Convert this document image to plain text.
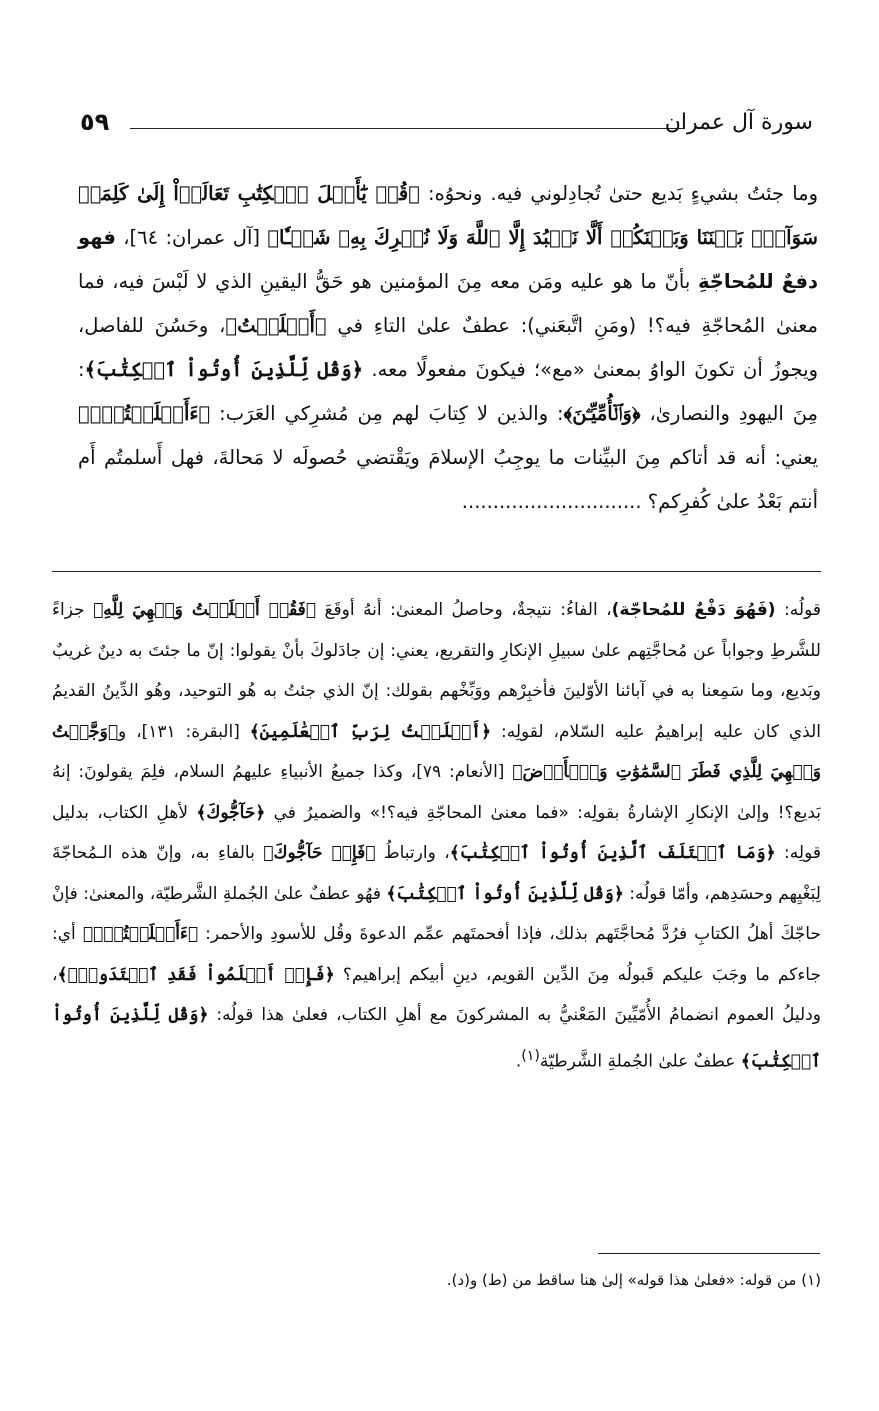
٥٩	سورة آل عمران

وما جئتُ بشيءٍ بَديع حتىٰ تُجادِلوني فيه. ونحوُه: ﴿قُلۡ يَٰٓأَهۡلَ ٱلۡكِتَٰبِ تَعَالَوۡاْ إِلَىٰ كَلِمَةٖ سَوَآءِۭ بَيۡنَنَا وَبَيۡنَكُمۡ أَلَّا نَعۡبُدَ إِلَّا ٱللَّهَ وَلَا نُشۡرِكَ بِهِۦ شَيۡـٔٗا﴾ [آل عمران: ٦٤]، فهو دفعٌ للمُحاجّةِ بأنّ ما هو عليه ومَن معه مِنَ المؤمنين هو حَقُّ اليقينِ الذي لا لَبْسَ فيه، فما معنىٰ المُحاجّةِ فيه؟! (ومَنِ اتَّبعَني): عطفٌ علىٰ التاءِ في ﴿أَسۡلَمۡتُ﴾، وحَسُنَ للفاصل، ويجوزُ أن تكونَ الواوُ بمعنىٰ «مع»؛ فيكونَ مفعولًا معه. ﴿وَقُل لِّلَّذِينَ أُوتُواْ ٱلۡكِتَٰبَ﴾: مِنَ اليهودِ والنصارىٰ، ﴿وَٱلۡأُمِّيِّـۧنَ﴾: والذين لا كِتابَ لهم مِن مُشرِكي العَرَب: ﴿ءَأَسۡلَمۡتُمۡۚ﴾ يعني: أنه قد أتاكم مِنَ البيِّنات ما يوجِبُ الإسلامَ ويَقْتضي حُصولَه لا مَحالةَ، فهل أَسلمتُم أَم أنتم بَعْدُ علىٰ كُفرِكم؟ .............................

قولُه: (فَهُوَ دَفْعٌ للمُحاجّة)، الفاءُ: نتيجةٌ، وحاصلُ المعنىٰ: أنهُ أوقَعَ ﴿فَقُلۡ أَسۡلَمۡتُ وَجۡهِيَ لِلَّهِ﴾ جزاءً للشَّرطِ وجواباً عن مُحاجَّتِهم علىٰ سبيلِ الإنكارِ والتقريع، يعني: إن جادَلوكَ بأنْ يقولوا: إنّ ما جئتَ به دينٌ غريبٌ وبَديع، وما سَمِعنا به في آبائنا الأوّلينَ فأخبِرْهم ووَبِّخْهم بقولك: إنّ الذي جئتُ به هُو التوحيد، وهُو الدِّينُ القديمُ الذي كان عليه إبراهيمُ عليه السّلام، لقولِه: ﴿أَسۡلَمۡتُ لِرَبِّ ٱلۡعَٰلَمِينَ﴾ [البقرة: ١٣١]، و﴿وَجَّهۡتُ وَجۡهِيَ لِلَّذِي فَطَرَ ٱلسَّمَٰوَٰتِ وَٱلۡأَرۡضَ﴾ [الأنعام: ٧٩]، وكذا جميعُ الأنبياءِ عليهمُ السلام، فلِمَ يقولونَ: إنهُ بَديع؟! وإلىٰ الإنكارِ الإشارةُ بقولِه: «فما معنىٰ المحاجّةِ فيه؟!» والضميرُ في ﴿حَآجُّوكَ﴾ لأهلِ الكتاب، بدليل قولِه: ﴿وَمَا ٱخۡتَلَفَ ٱلَّذِينَ أُوتُواْ ٱلۡكِتَٰبَ﴾، وارتباطُ ﴿فَإِنۡ حَآجُّوكَ﴾ بالفاءِ به، وإنّ هذه الـمُحاجّةَ لِبَغْيِهم وحسَدِهم، وأمّا قولُه: ﴿وَقُل لِّلَّذِينَ أُوتُواْ ٱلۡكِتَٰبَ﴾ فهُو عطفٌ علىٰ الجُملةِ الشَّرطيّة، والمعنىٰ: فإنْ حاجّكَ أهلُ الكتابِ فرُدَّ مُحاجَّتَهم بذلك، فإذا أفحمتَهم عمِّم الدعوةَ وقُل للأسودِ والأحمر: ﴿ءَأَسۡلَمۡتُمۡۚ﴾ أي: جاءكم ما وجَبَ عليكم قَبولُه مِنَ الدِّين القويم، دينِ أبيكم إبراهيم؟ ﴿فَإِنۡ أَسۡلَمُواْ فَقَدِ ٱهۡتَدَواْۖ﴾، ودليلُ العموم انضمامُ الأُمّيِّينَ المَعْنيُّ به المشركونَ مع أهلِ الكتاب، فعلىٰ هذا قولُه: ﴿وَقُل لِّلَّذِينَ أُوتُواْ ٱلۡكِتَٰبَ﴾ عطفٌ علىٰ الجُملةِ الشَّرطيّة$^{(١)}$.

(١) من قوله: «فعلىٰ هذا قوله» إلىٰ هنا ساقط من (ط) و(د).
